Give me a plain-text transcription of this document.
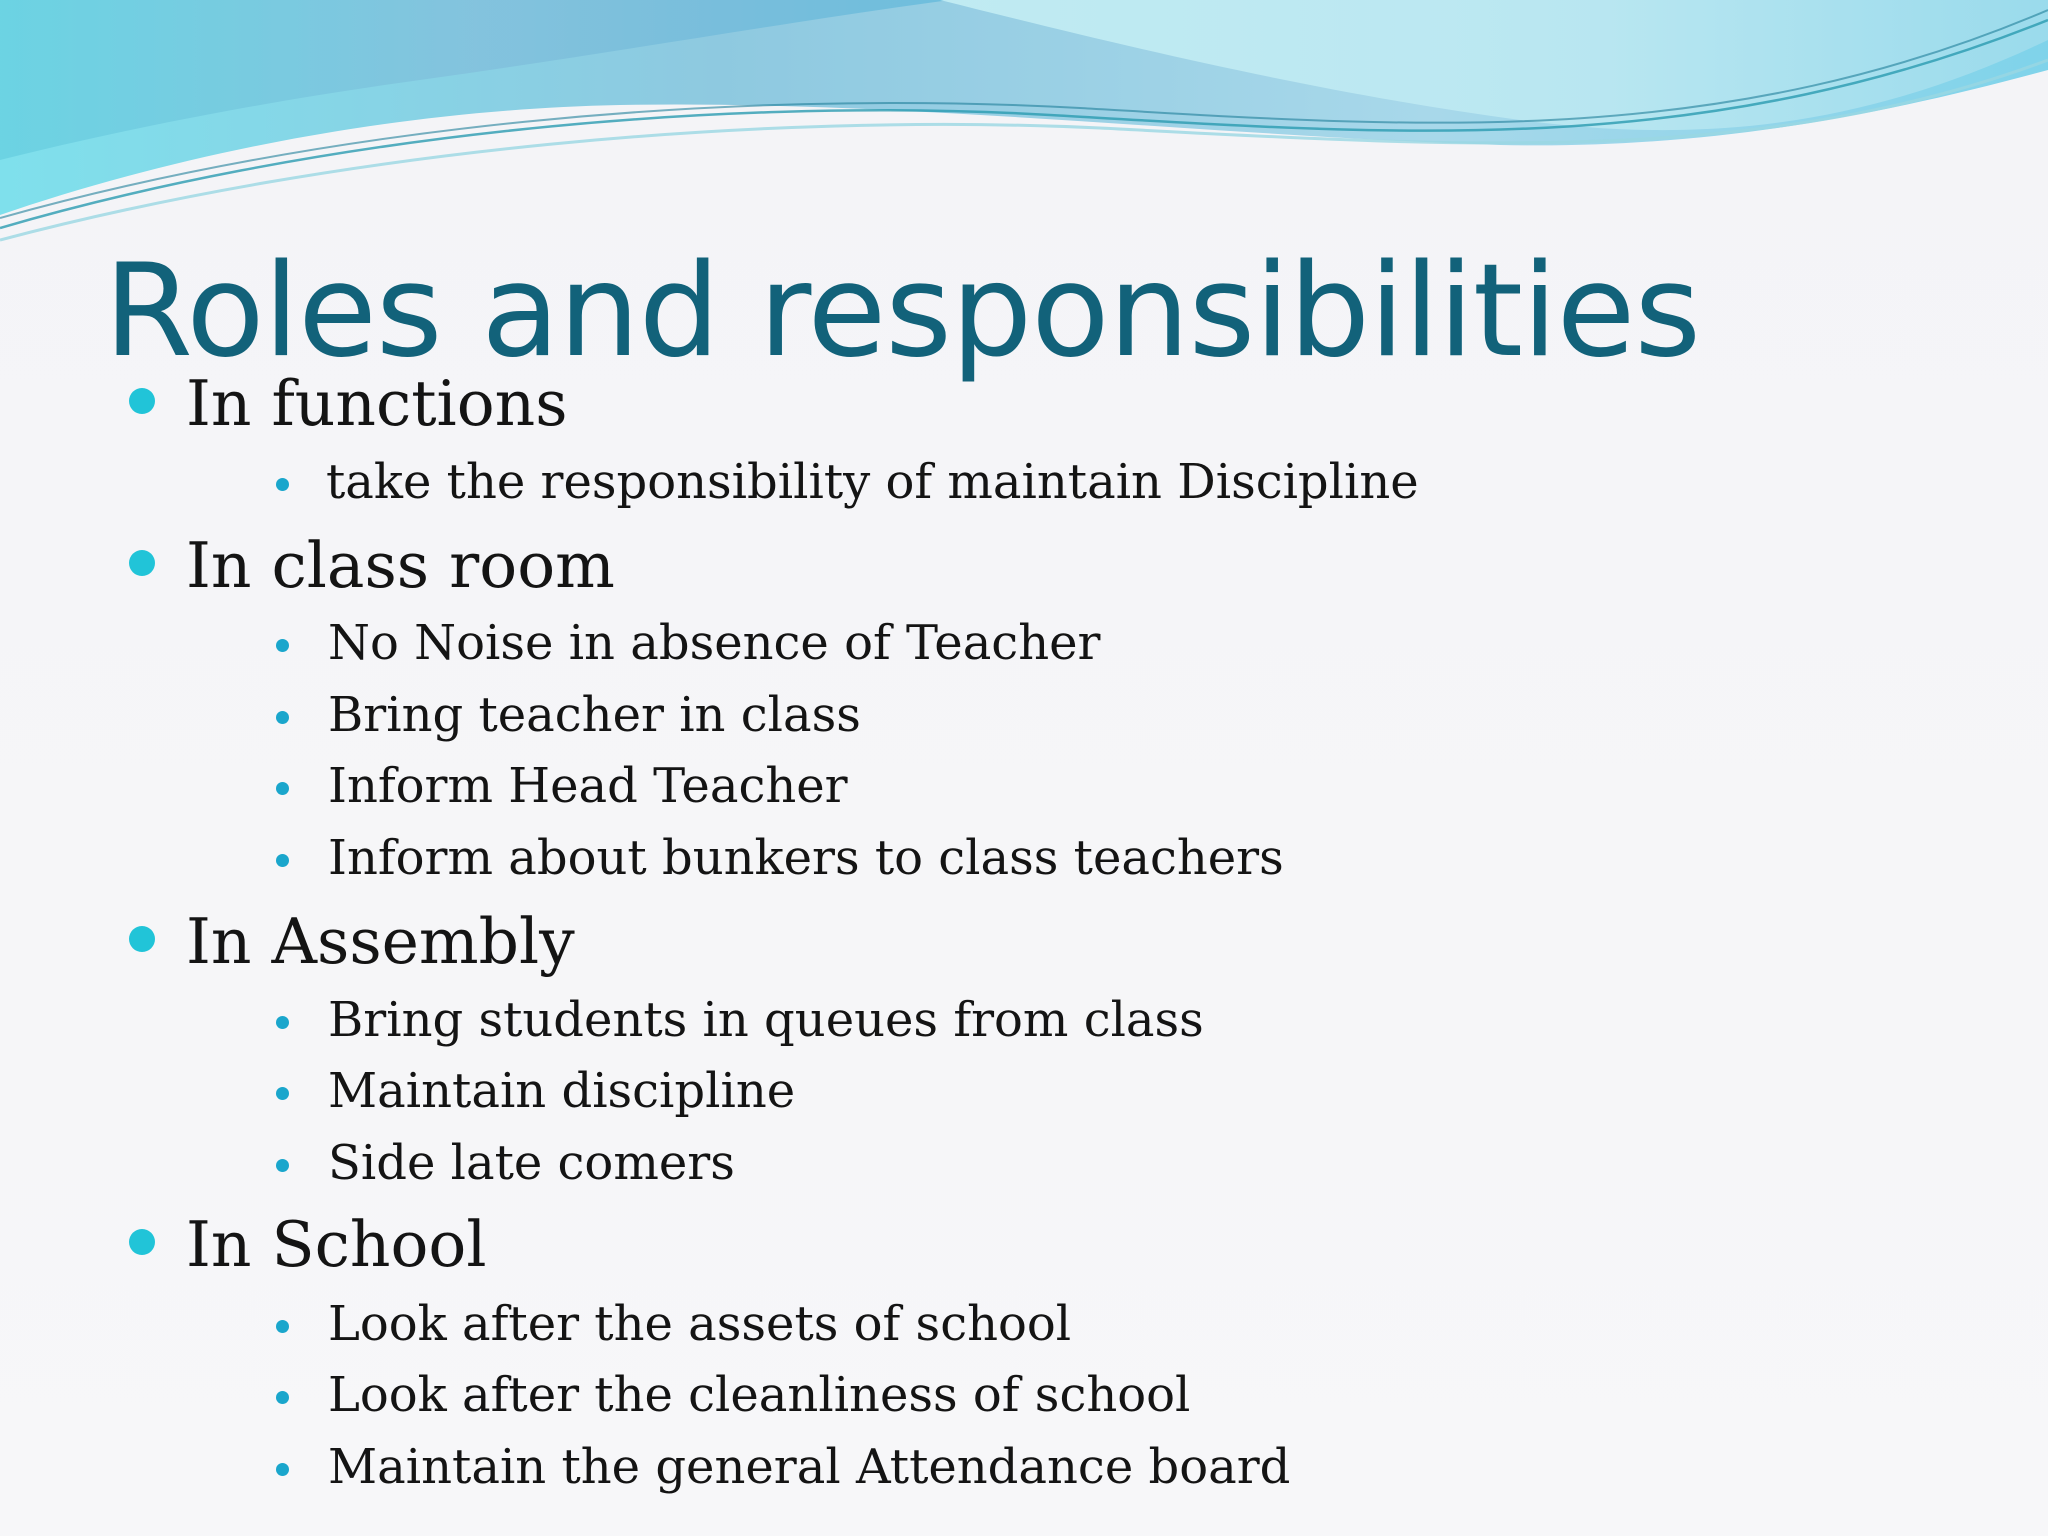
Roles and responsibilities
In functions
take the responsibility of maintain Discipline
In class room
No Noise in absence of Teacher
Bring teacher in class
Inform Head Teacher
Inform about bunkers to class teachers
In Assembly
Bring students in queues from class
Maintain discipline
Side late comers
In School
Look after the assets of school
Look after the cleanliness of school
Maintain the general Attendance board
